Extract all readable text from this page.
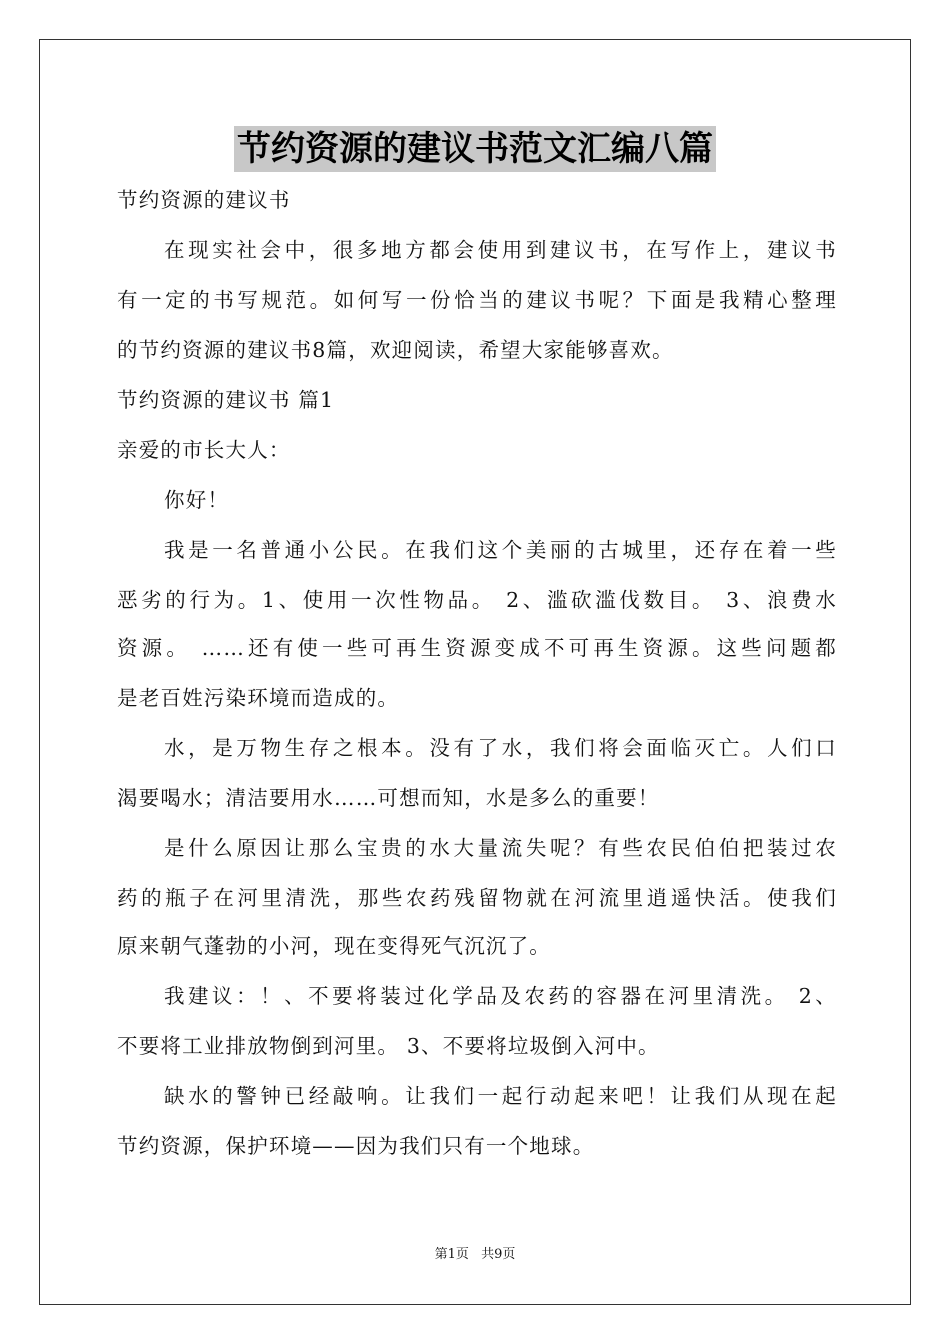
节约资源的建议书范文汇编八篇
节约资源的建议书
在现实社会中，很多地方都会使用到建议书，在写作上，建议书
有一定的书写规范。如何写一份恰当的建议书呢？下面是我精心整理
的节约资源的建议书8篇，欢迎阅读，希望大家能够喜欢。
节约资源的建议书 篇1
亲爱的市长大人：
你好！
我是一名普通小公民。在我们这个美丽的古城里，还存在着一些
恶劣的行为。1、使用一次性物品。 2、滥砍滥伐数目。 3、浪费水
资源。 ……还有使一些可再生资源变成不可再生资源。这些问题都
是老百姓污染环境而造成的。
水，是万物生存之根本。没有了水，我们将会面临灭亡。人们口
渴要喝水；清洁要用水……可想而知，水是多么的重要！
是什么原因让那么宝贵的水大量流失呢？有些农民伯伯把装过农
药的瓶子在河里清洗，那些农药残留物就在河流里逍遥快活。使我们
原来朝气蓬勃的小河，现在变得死气沉沉了。
我建议：！、不要将装过化学品及农药的容器在河里清洗。 2、
不要将工业排放物倒到河里。 3、不要将垃圾倒入河中。
缺水的警钟已经敲响。让我们一起行动起来吧！让我们从现在起
节约资源，保护环境——因为我们只有一个地球。
第1页 共9页
